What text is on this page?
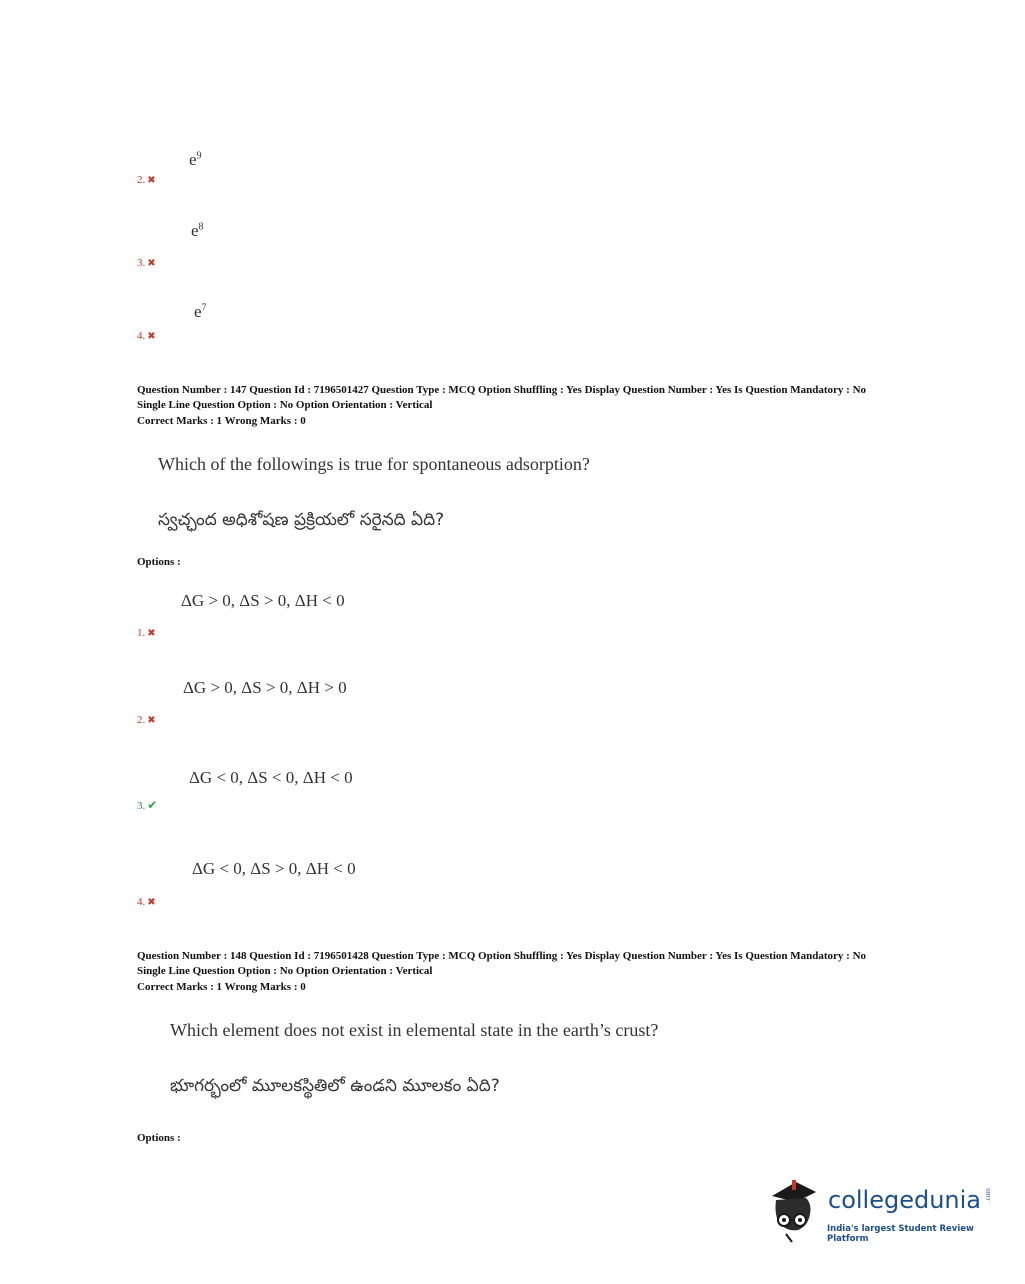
$e^9$
2. ✖
$e^8$
3. ✖
$e^7$
4. ✖
Question Number : 147 Question Id : 7196501427 Question Type : MCQ Option Shuffling : Yes Display Question Number : Yes Is Question Mandatory : No Single Line Question Option : No Option Orientation : Vertical
Correct Marks : 1 Wrong Marks : 0
Which of the followings is true for spontaneous adsorption?
స్వచ్ఛంద అధిశోషణ ప్రక్రియలో సరైనది ఏది?
Options :
ΔG > 0, ΔS > 0, ΔH < 0
1. ✖
ΔG > 0, ΔS > 0, ΔH > 0
2. ✖
ΔG < 0, ΔS < 0, ΔH < 0
3. ✔
ΔG < 0, ΔS > 0, ΔH < 0
4. ✖
Question Number : 148 Question Id : 7196501428 Question Type : MCQ Option Shuffling : Yes Display Question Number : Yes Is Question Mandatory : No Single Line Question Option : No Option Orientation : Vertical
Correct Marks : 1 Wrong Marks : 0
Which element does not exist in elemental state in the earth’s crust?
భూగర్భంలో మూలకస్థితిలో ఉండని మూలకం ఏది?
Options :
collegedunia .com
India's largest Student Review Platform
